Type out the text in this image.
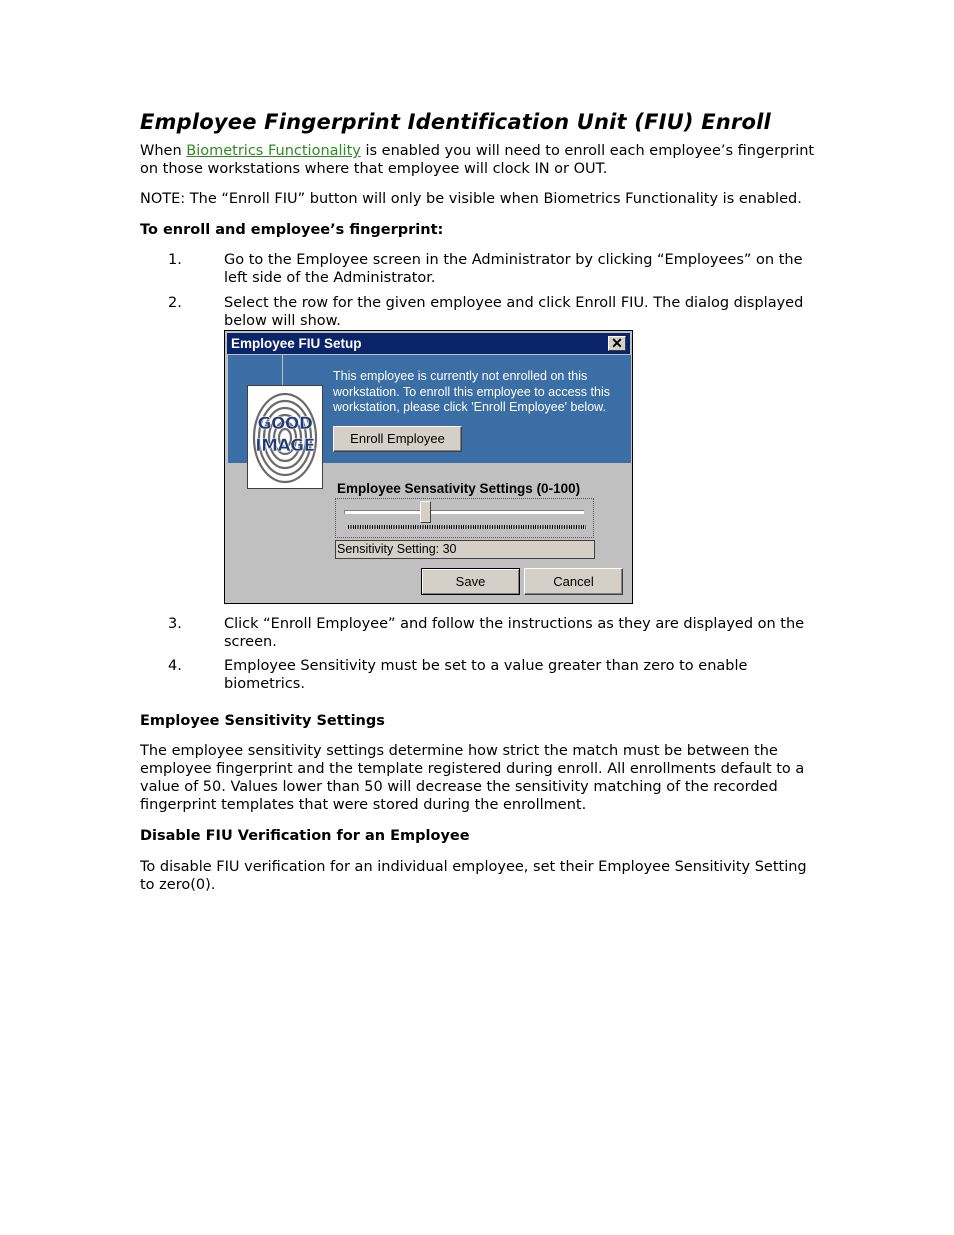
Employee Fingerprint Identification Unit (FIU) Enroll
When Biometrics Functionality is enabled you will need to enroll each employee’s fingerprint
on those workstations where that employee will clock IN or OUT.
NOTE: The “Enroll FIU” button will only be visible when Biometrics Functionality is enabled.
To enroll and employee’s fingerprint:
1.	Go to the Employee screen in the Administrator by clicking “Employees” on the left side of the Administrator.
2.	Select the row for the given employee and click Enroll FIU. The dialog displayed below will show.
Employee FIU Setup	✕
GOOD
IMAGE
This employee is currently not enrolled on this workstation. To enroll this employee to access this workstation, please click 'Enroll Employee' below.
Enroll Employee
Employee Sensativity Settings (0-100)
Sensitivity Setting: 30
Save	Cancel
3.	Click “Enroll Employee” and follow the instructions as they are displayed on the screen.
4.	Employee Sensitivity must be set to a value greater than zero to enable biometrics.
Employee Sensitivity Settings
The employee sensitivity settings determine how strict the match must be between the employee fingerprint and the template registered during enroll. All enrollments default to a value of 50. Values lower than 50 will decrease the sensitivity matching of the recorded fingerprint templates that were stored during the enrollment.
Disable FIU Verification for an Employee
To disable FIU verification for an individual employee, set their Employee Sensitivity Setting to zero(0).
